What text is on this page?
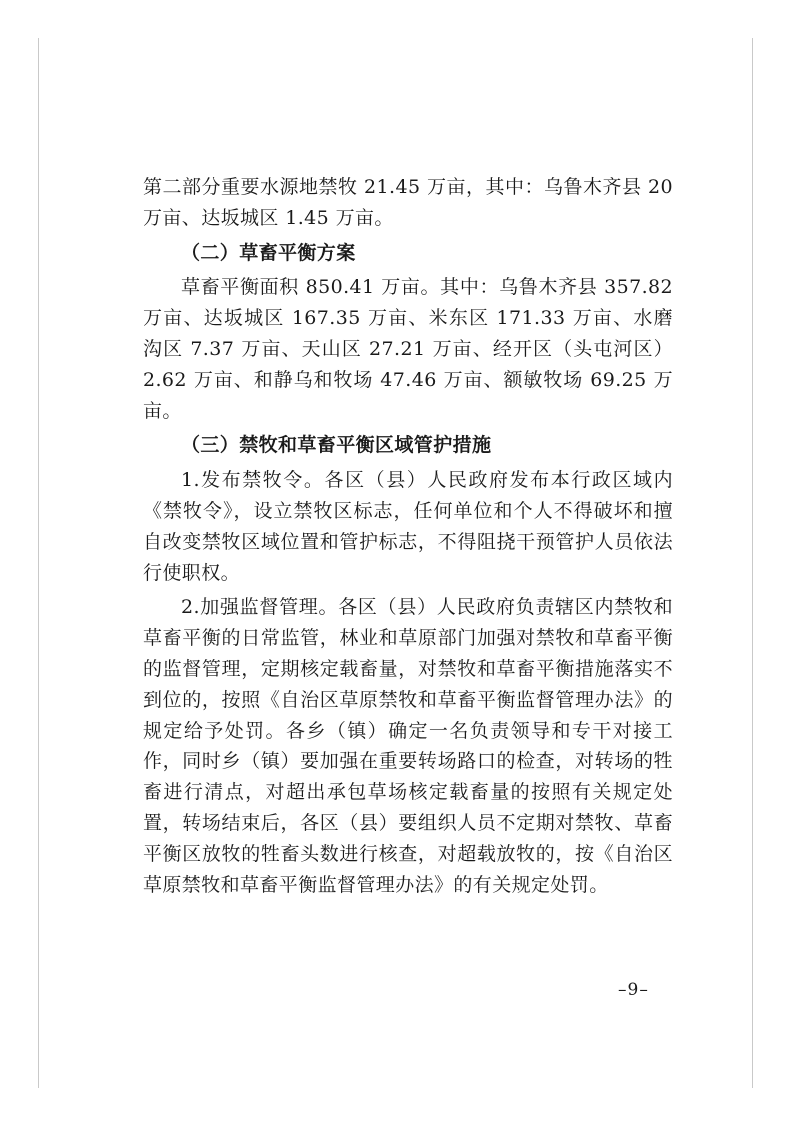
第二部分重要水源地禁牧 21.45 万亩，其中：乌鲁木齐县 20 万亩、达坂城区 1.45 万亩。

（二）草畜平衡方案

草畜平衡面积 850.41 万亩。其中：乌鲁木齐县 357.82 万亩、达坂城区 167.35 万亩、米东区 171.33 万亩、水磨沟区 7.37 万亩、天山区 27.21 万亩、经开区（头屯河区）2.62 万亩、和静乌和牧场 47.46 万亩、额敏牧场 69.25 万亩。

（三）禁牧和草畜平衡区域管护措施

1.发布禁牧令。各区（县）人民政府发布本行政区域内《禁牧令》，设立禁牧区标志，任何单位和个人不得破坏和擅自改变禁牧区域位置和管护标志，不得阻挠干预管护人员依法行使职权。

2.加强监督管理。各区（县）人民政府负责辖区内禁牧和草畜平衡的日常监管，林业和草原部门加强对禁牧和草畜平衡的监督管理，定期核定载畜量，对禁牧和草畜平衡措施落实不到位的，按照《自治区草原禁牧和草畜平衡监督管理办法》的规定给予处罚。各乡（镇）确定一名负责领导和专干对接工作，同时乡（镇）要加强在重要转场路口的检查，对转场的牲畜进行清点，对超出承包草场核定载畜量的按照有关规定处置，转场结束后，各区（县）要组织人员不定期对禁牧、草畜平衡区放牧的牲畜头数进行核查，对超载放牧的，按《自治区草原禁牧和草畜平衡监督管理办法》的有关规定处罚。

–9–
